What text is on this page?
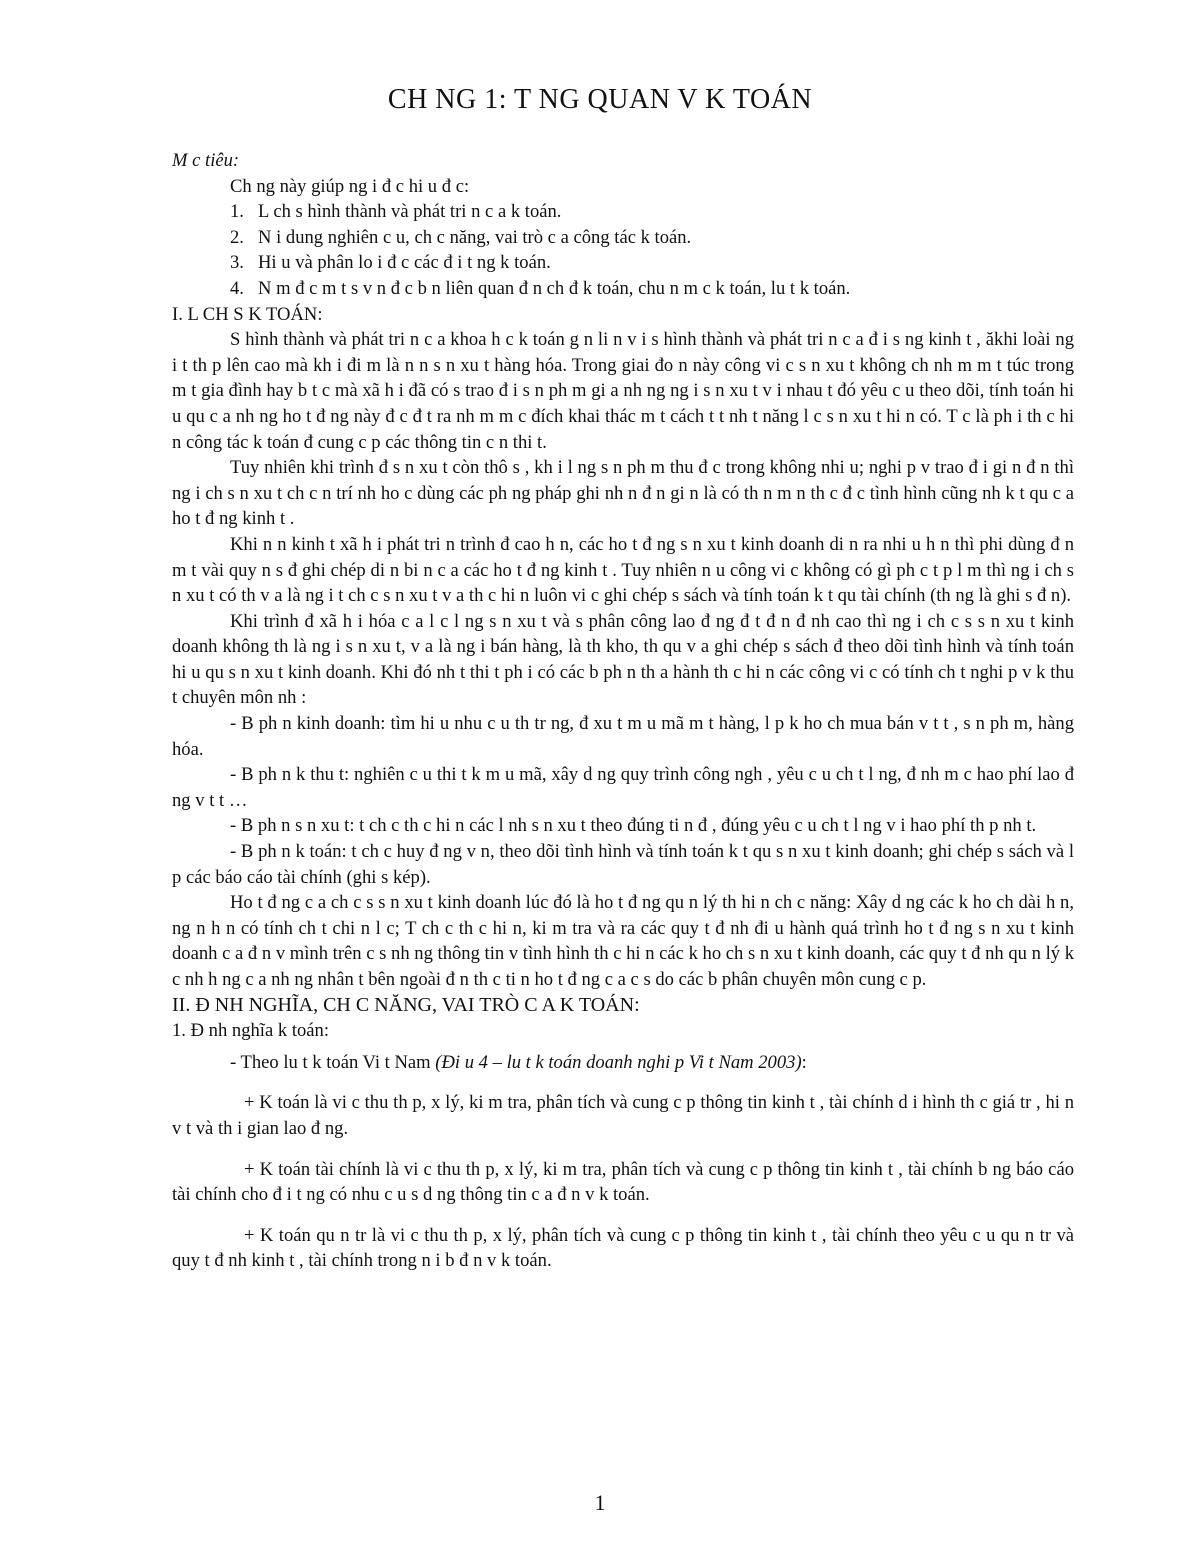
CH NG 1: T NG QUAN V K TOÁN

M c tiêu:

Ch ng này giúp ng i đ c hi u đ c:

1. L ch s hình thành và phát tri n c a k toán.
2. N i dung nghiên c u, ch c năng, vai trò c a công tác k toán.
3. Hi u và phân lo i đ c các đ i t ng k toán.
4. N m đ c m t s v n đ c b n liên quan đ n ch đ k toán, chu n m c k toán, lu t k toán.

I. L CH S K TOÁN:

S hình thành và phát tri n c a khoa h c k toán g n li n v i s hình thành và phát tri n c a đ i s ng kinh t , ăkhi loài ng i t th p lên cao mà kh i đi m là n n s n xu t hàng hóa. Trong giai đo n này công vi c s n xu t không ch nh m m t túc trong m t gia đình hay b t c mà xã h i đã có s trao đ i s n ph m gi a nh ng ng i s n xu t v i nhau t đó yêu c u theo dõi, tính toán hi u qu c a nh ng ho t đ ng này đ c đ t ra nh m m c đích khai thác m t cách t t nh t năng l c s n xu t hi n có. T c là ph i th c hi n công tác k toán đ cung c p các thông tin c n thi t.

Tuy nhiên khi trình đ s n xu t còn thô s , kh i l ng s n ph m thu đ c trong không nhi u; nghi p v trao đ i gi n đ n thì ng i ch s n xu t ch c n trí nh ho c dùng các ph ng pháp ghi nh n đ n gi n là có th n m n th c đ c tình hình cũng nh k t qu c a ho t đ ng kinh t .

Khi n n kinh t xã h i phát tri n trình đ cao h n, các ho t đ ng s n xu t kinh doanh di n ra nhi u h n thì phi dùng đ n m t vài quy n s đ ghi chép di n bi n c a các ho t đ ng kinh t . Tuy nhiên n u công vi c không có gì ph c t p l m thì ng i ch s n xu t có th v a là ng i t ch c s n xu t v a th c hi n luôn vi c ghi chép s sách và tính toán k t qu tài chính (th ng là ghi s đ n).

Khi trình đ xã h i hóa c a l c l ng s n xu t và s phân công lao đ ng đ t đ n đ nh cao thì ng i ch c s s n xu t kinh doanh không th là ng i s n xu t, v a là ng i bán hàng, là th kho, th qu v a ghi chép s sách đ theo dõi tình hình và tính toán hi u qu s n xu t kinh doanh. Khi đó nh t thi t ph i có các b ph n th a hành th c hi n các công vi c có tính ch t nghi p v k thu t chuyên môn nh :

- B ph n kinh doanh: tìm hi u nhu c u th tr ng, đ xu t m u mã m t hàng, l p k ho ch mua bán v t t , s n ph m, hàng hóa.

- B ph n k thu t: nghiên c u thi t k m u mã, xây d ng quy trình công ngh , yêu c u ch t l ng, đ nh m c hao phí lao đ ng v t t …

- B ph n s n xu t: t ch c th c hi n các l nh s n xu t theo đúng ti n đ , đúng yêu c u ch t l ng v i hao phí th p nh t.

- B ph n k toán: t ch c huy đ ng v n, theo dõi tình hình và tính toán k t qu s n xu t kinh doanh; ghi chép s sách và l p các báo cáo tài chính (ghi s kép).

Ho t đ ng c a ch c s s n xu t kinh doanh lúc đó là ho t đ ng qu n lý th hi n ch c năng: Xây d ng các k ho ch dài h n, ng n h n có tính ch t chi n l c; T ch c th c hi n, ki m tra và ra các quy t đ nh đi u hành quá trình ho t đ ng s n xu t kinh doanh c a đ n v mình trên c s nh ng thông tin v tình hình th c hi n các k ho ch s n xu t kinh doanh, các quy t đ nh qu n lý k c nh h ng c a nh ng nhân t bên ngoài đ n th c ti n ho t đ ng c a c s do các b phân chuyên môn cung c p.

II. Đ NH NGHĨA, CH C NĂNG, VAI TRÒ C A K TOÁN:

1. Đ nh nghĩa k toán:

- Theo lu t k toán Vi t Nam (Đi u 4 – lu t k toán doanh nghi p Vi t Nam 2003):

+ K toán là vi c thu th p, x lý, ki m tra, phân tích và cung c p thông tin kinh t , tài chính d i hình th c giá tr , hi n v t và th i gian lao đ ng.

+ K toán tài chính là vi c thu th p, x lý, ki m tra, phân tích và cung c p thông tin kinh t , tài chính b ng báo cáo tài chính cho đ i t ng có nhu c u s d ng thông tin c a đ n v k toán.

+ K toán qu n tr là vi c thu th p, x lý, phân tích và cung c p thông tin kinh t , tài chính theo yêu c u qu n tr và quy t đ nh kinh t , tài chính trong n i b đ n v k toán.

1
